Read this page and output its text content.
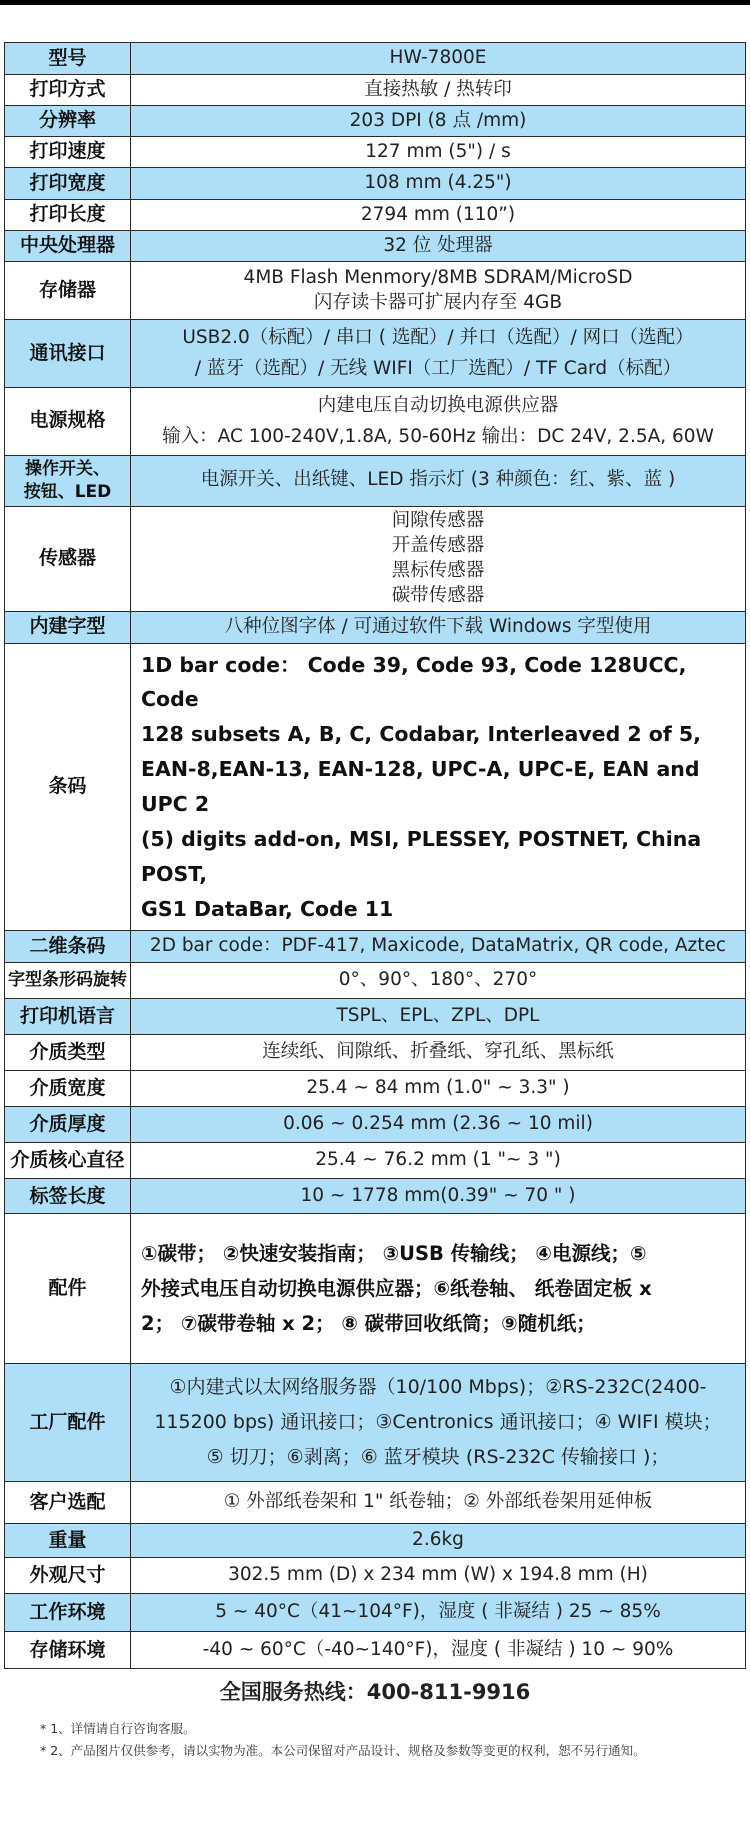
型号	HW-7800E
打印方式	直接热敏 / 热转印
分辨率	203 DPI (8 点 /mm)
打印速度	127 mm (5") / s
打印宽度	108 mm (4.25")
打印长度	2794 mm (110”)
中央处理器	32 位 处理器
存储器	4MB Flash Menmory/8MB SDRAM/MicroSD
闪存读卡器可扩展内存至 4GB

通讯接口	USB2.0（标配）/ 串口 ( 选配）/ 并口（选配）/ 网口（选配）
/ 蓝牙（选配）/ 无线 WIFI（工厂选配）/ TF Card（标配）

电源规格	内建电压自动切换电源供应器
输入：AC 100-240V,1.8A, 50-60Hz 输出：DC 24V, 2.5A, 60W

操作开关、
按钮、LED	电源开关、出纸键、LED 指示灯 (3 种颜色：红、紫、蓝 )
传感器	间隙传感器
开盖传感器
黑标传感器
碳带传感器

内建字型	八种位图字体 / 可通过软件下载 Windows 字型使用
条码	1D bar code： Code 39, Code 93, Code 128UCC, Code
128 subsets A, B, C, Codabar, Interleaved 2 of 5,
EAN-8,EAN-13, EAN-128, UPC-A, UPC-E, EAN and UPC 2
(5) digits add-on, MSI, PLESSEY, POSTNET, China POST,
GS1 DataBar, Code 11

二维条码	2D bar code：PDF-417, Maxicode, DataMatrix, QR code, Aztec
字型条形码旋转	0°、90°、180°、270°
打印机语言	TSPL、EPL、ZPL、DPL
介质类型	连续纸、间隙纸、折叠纸、穿孔纸、黑标纸
介质宽度	25.4 ~ 84 mm (1.0" ~ 3.3" )
介质厚度	0.06 ~ 0.254 mm (2.36 ~ 10 mil)
介质核心直径	25.4 ~ 76.2 mm (1 "~ 3 ")
标签长度	10 ~ 1778 mm(0.39" ~ 70 " )
配件	①碳带； ②快速安装指南； ③USB 传输线； ④电源线；⑤
外接式电压自动切换电源供应器；⑥纸卷轴、 纸卷固定板 x
2； ⑦碳带卷轴 x 2； ⑧ 碳带回收纸筒；⑨随机纸；

工厂配件	①内建式以太网络服务器（10/100 Mbps)；②RS-232C(2400-
115200 bps) 通讯接口；③Centronics 通讯接口；④ WIFI 模块；
⑤ 切刀；⑥剥离；⑥ 蓝牙模块 (RS-232C 传输接口 )；

客户选配	① 外部纸卷架和 1" 纸卷轴；② 外部纸卷架用延伸板
重量	2.6kg
外观尺寸	302.5 mm (D) x 234 mm (W) x 194.8 mm (H)
工作环境	5 ~ 40°C（41~104°F)，湿度 ( 非凝结 ) 25 ~ 85%
存储环境	-40 ~ 60°C（-40~140°F)，湿度 ( 非凝结 ) 10 ~ 90%
全国服务热线：400-811-9916
* 1、详情请自行咨询客服。
* 2、产品图片仅供参考，请以实物为准。本公司保留对产品设计、规格及参数等变更的权利，恕不另行通知。
